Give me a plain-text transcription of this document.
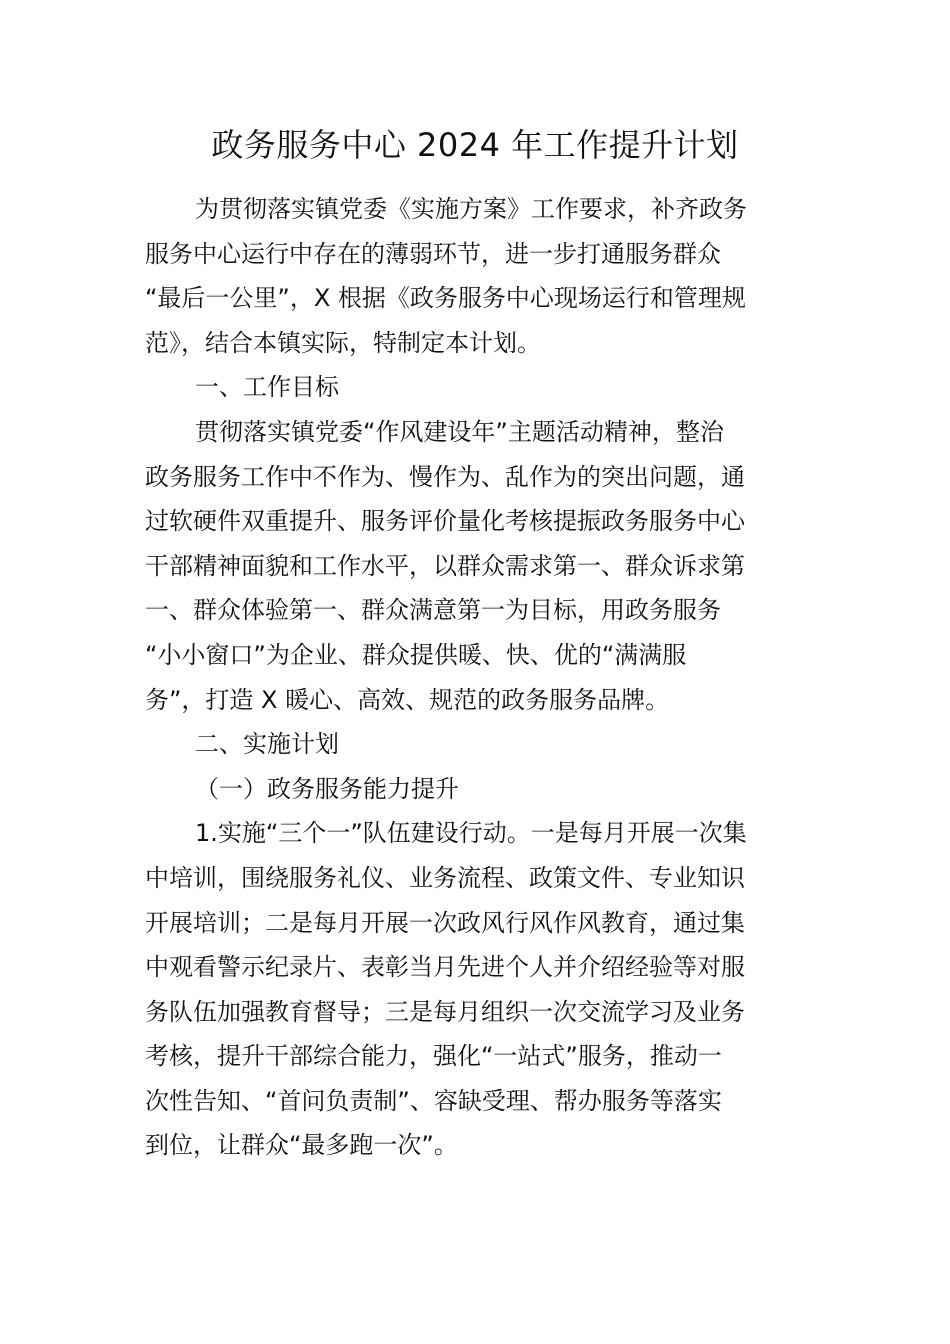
政务服务中心 2024 年工作提升计划

为贯彻落实镇党委《实施方案》工作要求，补齐政务
服务中心运行中存在的薄弱环节，进一步打通服务群众
“最后一公里”，X 根据《政务服务中心现场运行和管理规
范》，结合本镇实际，特制定本计划。

一、工作目标

贯彻落实镇党委“作风建设年”主题活动精神，整治
政务服务工作中不作为、慢作为、乱作为的突出问题，通
过软硬件双重提升、服务评价量化考核提振政务服务中心
干部精神面貌和工作水平，以群众需求第一、群众诉求第
一、群众体验第一、群众满意第一为目标，用政务服务
“小小窗口”为企业、群众提供暖、快、优的“满满服
务”，打造 X 暖心、高效、规范的政务服务品牌。

二、实施计划

（一）政务服务能力提升

1.实施“三个一”队伍建设行动。一是每月开展一次集
中培训，围绕服务礼仪、业务流程、政策文件、专业知识
开展培训；二是每月开展一次政风行风作风教育，通过集
中观看警示纪录片、表彰当月先进个人并介绍经验等对服
务队伍加强教育督导；三是每月组织一次交流学习及业务
考核，提升干部综合能力，强化“一站式”服务，推动一
次性告知、“首问负责制”、容缺受理、帮办服务等落实
到位，让群众“最多跑一次”。
